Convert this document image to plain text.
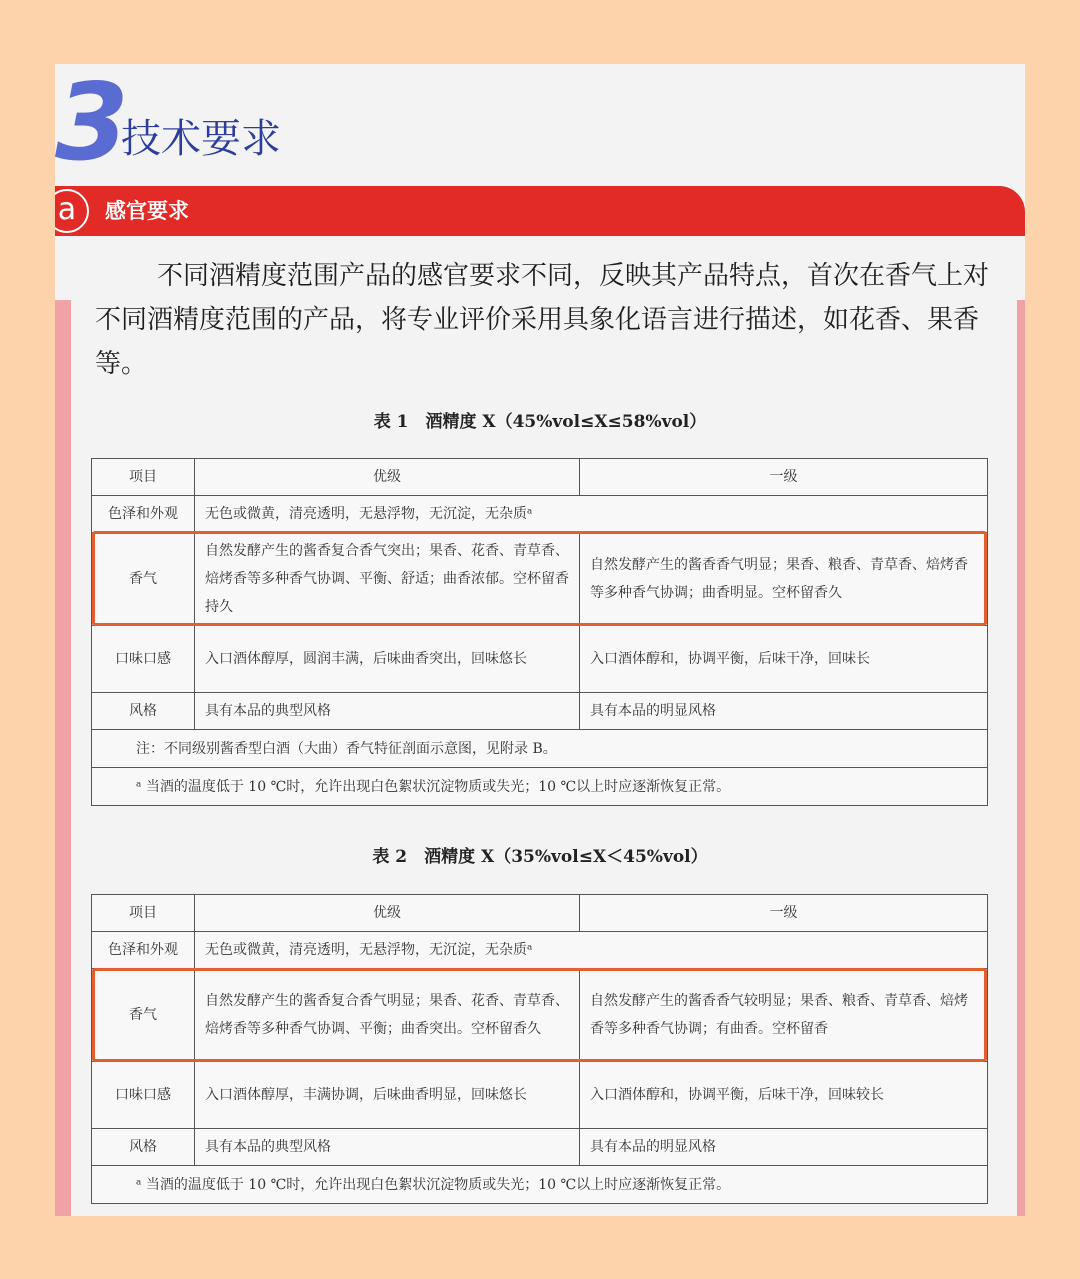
3
技术要求
a	感官要求

不同酒精度范围产品的感官要求不同，反映其产品特点，首次在香气上对不同酒精度范围的产品，将专业评价采用具象化语言进行描述，如花香、果香等。

表 1　酒精度 X（45%vol≤X≤58%vol）
项目	优级	一级
色泽和外观	无色或微黄，清亮透明，无悬浮物，无沉淀，无杂质ᵃ	
香气	自然发酵产生的酱香复合香气突出；果香、花香、青草香、焙烤香等多种香气协调、平衡、舒适；曲香浓郁。空杯留香持久	自然发酵产生的酱香香气明显；果香、粮香、青草香、焙烤香等多种香气协调；曲香明显。空杯留香久
口味口感	入口酒体醇厚，圆润丰满，后味曲香突出，回味悠长	入口酒体醇和，协调平衡，后味干净，回味长
风格	具有本品的典型风格	具有本品的明显风格
注：不同级别酱香型白酒（大曲）香气特征剖面示意图，见附录 B。		
ᵃ 当酒的温度低于 10 ℃时，允许出现白色絮状沉淀物质或失光；10 ℃以上时应逐渐恢复正常。		
表 2　酒精度 X（35%vol≤X＜45%vol）
项目	优级	一级
色泽和外观	无色或微黄，清亮透明，无悬浮物，无沉淀，无杂质ᵃ	
香气	自然发酵产生的酱香复合香气明显；果香、花香、青草香、焙烤香等多种香气协调、平衡；曲香突出。空杯留香久	自然发酵产生的酱香香气较明显；果香、粮香、青草香、焙烤香等多种香气协调；有曲香。空杯留香
口味口感	入口酒体醇厚，丰满协调，后味曲香明显，回味悠长	入口酒体醇和，协调平衡，后味干净，回味较长
风格	具有本品的典型风格	具有本品的明显风格
ᵃ 当酒的温度低于 10 ℃时，允许出现白色絮状沉淀物质或失光；10 ℃以上时应逐渐恢复正常。		
